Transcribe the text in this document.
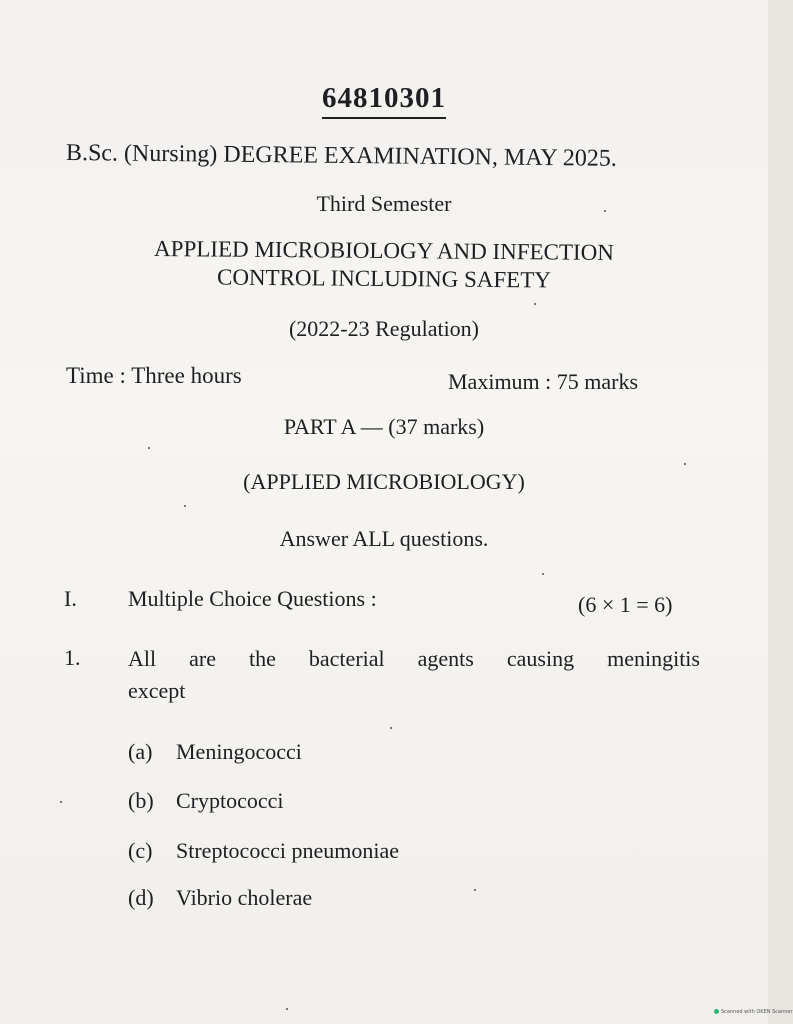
64810301
B.Sc. (Nursing) DEGREE EXAMINATION, MAY 2025.
Third Semester
APPLIED MICROBIOLOGY AND INFECTION
CONTROL INCLUDING SAFETY
(2022-23 Regulation)
Time : Three hours	Maximum : 75 marks
PART A — (37 marks)
(APPLIED MICROBIOLOGY)
Answer ALL questions.
I. Multiple Choice Questions :	(6 × 1 = 6)
1. All are the bacterial agents causing meningitis
except
(a) Meningococci
(b) Cryptococci
(c) Streptococci pneumoniae
(d) Vibrio cholerae
Scanned with OKEN Scanner
